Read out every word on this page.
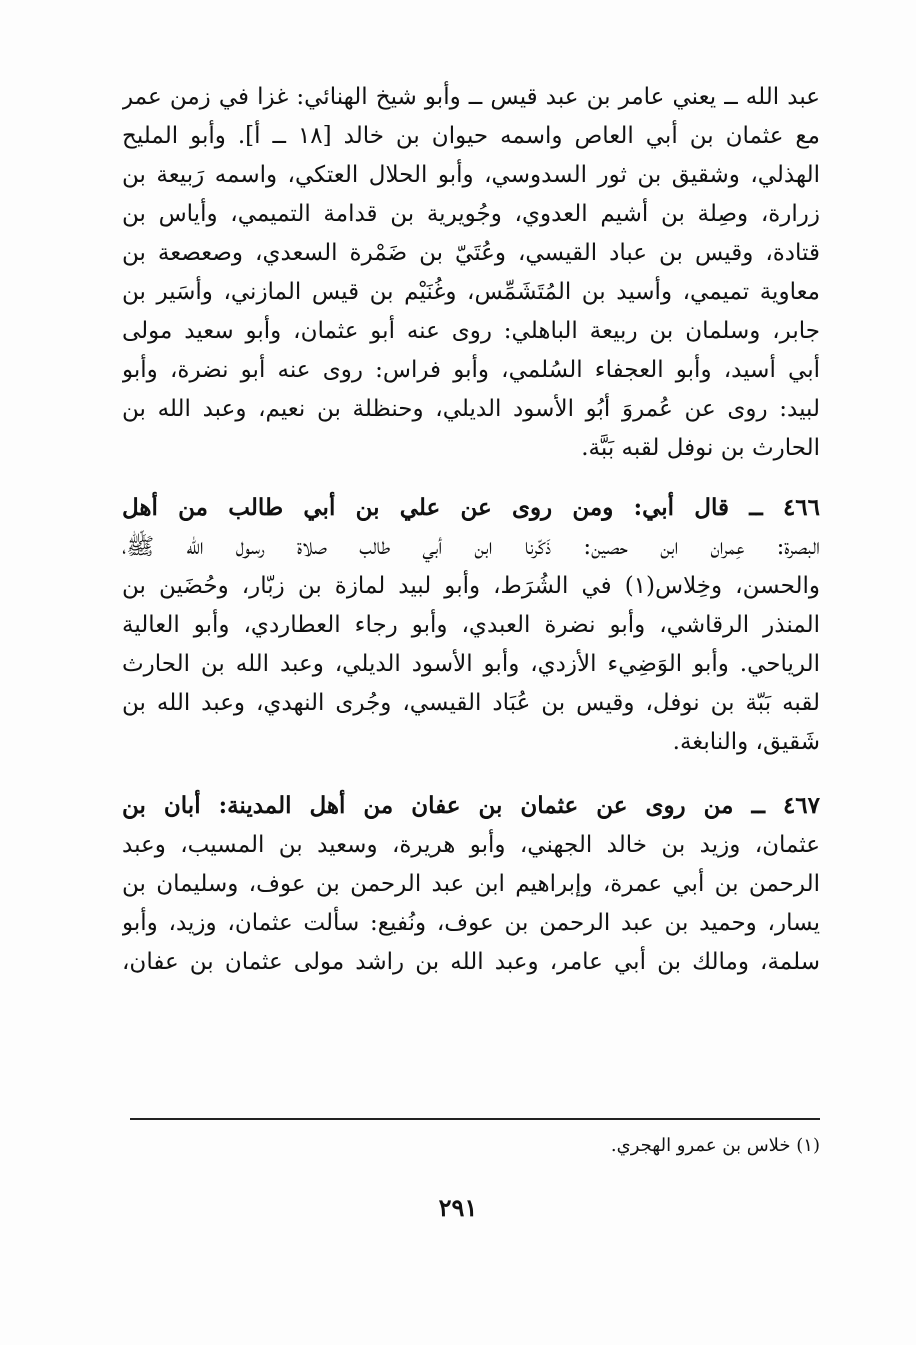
عبد الله ــ يعني عامر بن عبد قيس ــ وأبو شيخ الهنائي: غزا في زمن عمر
مع عثمان بن أبي العاص واسمه حيوان بن خالد [١٨ ــ أ]. وأبو المليح
الهذلي، وشقيق بن ثور السدوسي، وأبو الحلال العتكي، واسمه رَبيعة بن
زرارة، وصِلة بن أشيم العدوي، وجُويرية بن قدامة التميمي، وأياس بن
قتادة، وقيس بن عباد القيسي، وعُتَيّ بن ضَمْرة السعدي، وصعصعة بن
معاوية تميمي، وأسيد بن المُتَشَمِّس، وغُنَيْم بن قيس المازني، وأسَير بن
جابر، وسلمان بن ربيعة الباهلي: روى عنه أبو عثمان، وأبو سعيد مولى
أبي أسيد، وأبو العجفاء السُلمي، وأبو فراس: روى عنه أبو نضرة، وأبو
لبيد: روى عن عُمروَ أبُو الأسود الديلي، وحنظلة بن نعيم، وعبد الله بن
الحارث بن نوفل لقبه بَبَّة.
٤٦٦ ــ قال أبي: ومن روى عن علي بن أبي طالب من أهل
البصرة: عِمران ابن حصين: ذَكّرنا ابن أبي طالب صلاة رسول الله ﷺ،
والحسن، وخِلاس(١) في الشُرَط، وأبو لبيد لمازة بن زبّار، وحُضَين بن
المنذر الرقاشي، وأبو نضرة العبدي، وأبو رجاء العطاردي، وأبو العالية
الرياحي. وأبو الوَضِيء الأزدي، وأبو الأسود الديلي، وعبد الله بن الحارث
لقبه بَبّة بن نوفل، وقيس بن عُبَاد القيسي، وجُرى النهدي، وعبد الله بن
شَقيق، والنابغة.
٤٦٧ ــ من روى عن عثمان بن عفان من أهل المدينة: أبان بن
عثمان، وزيد بن خالد الجهني، وأبو هريرة، وسعيد بن المسيب، وعبد
الرحمن بن أبي عمرة، وإبراهيم ابن عبد الرحمن بن عوف، وسليمان بن
يسار، وحميد بن عبد الرحمن بن عوف، ونُفيع: سألت عثمان، وزيد، وأبو
سلمة، ومالك بن أبي عامر، وعبد الله بن راشد مولى عثمان بن عفان،
(١) خلاس بن عمرو الهجري.
٢٩١
